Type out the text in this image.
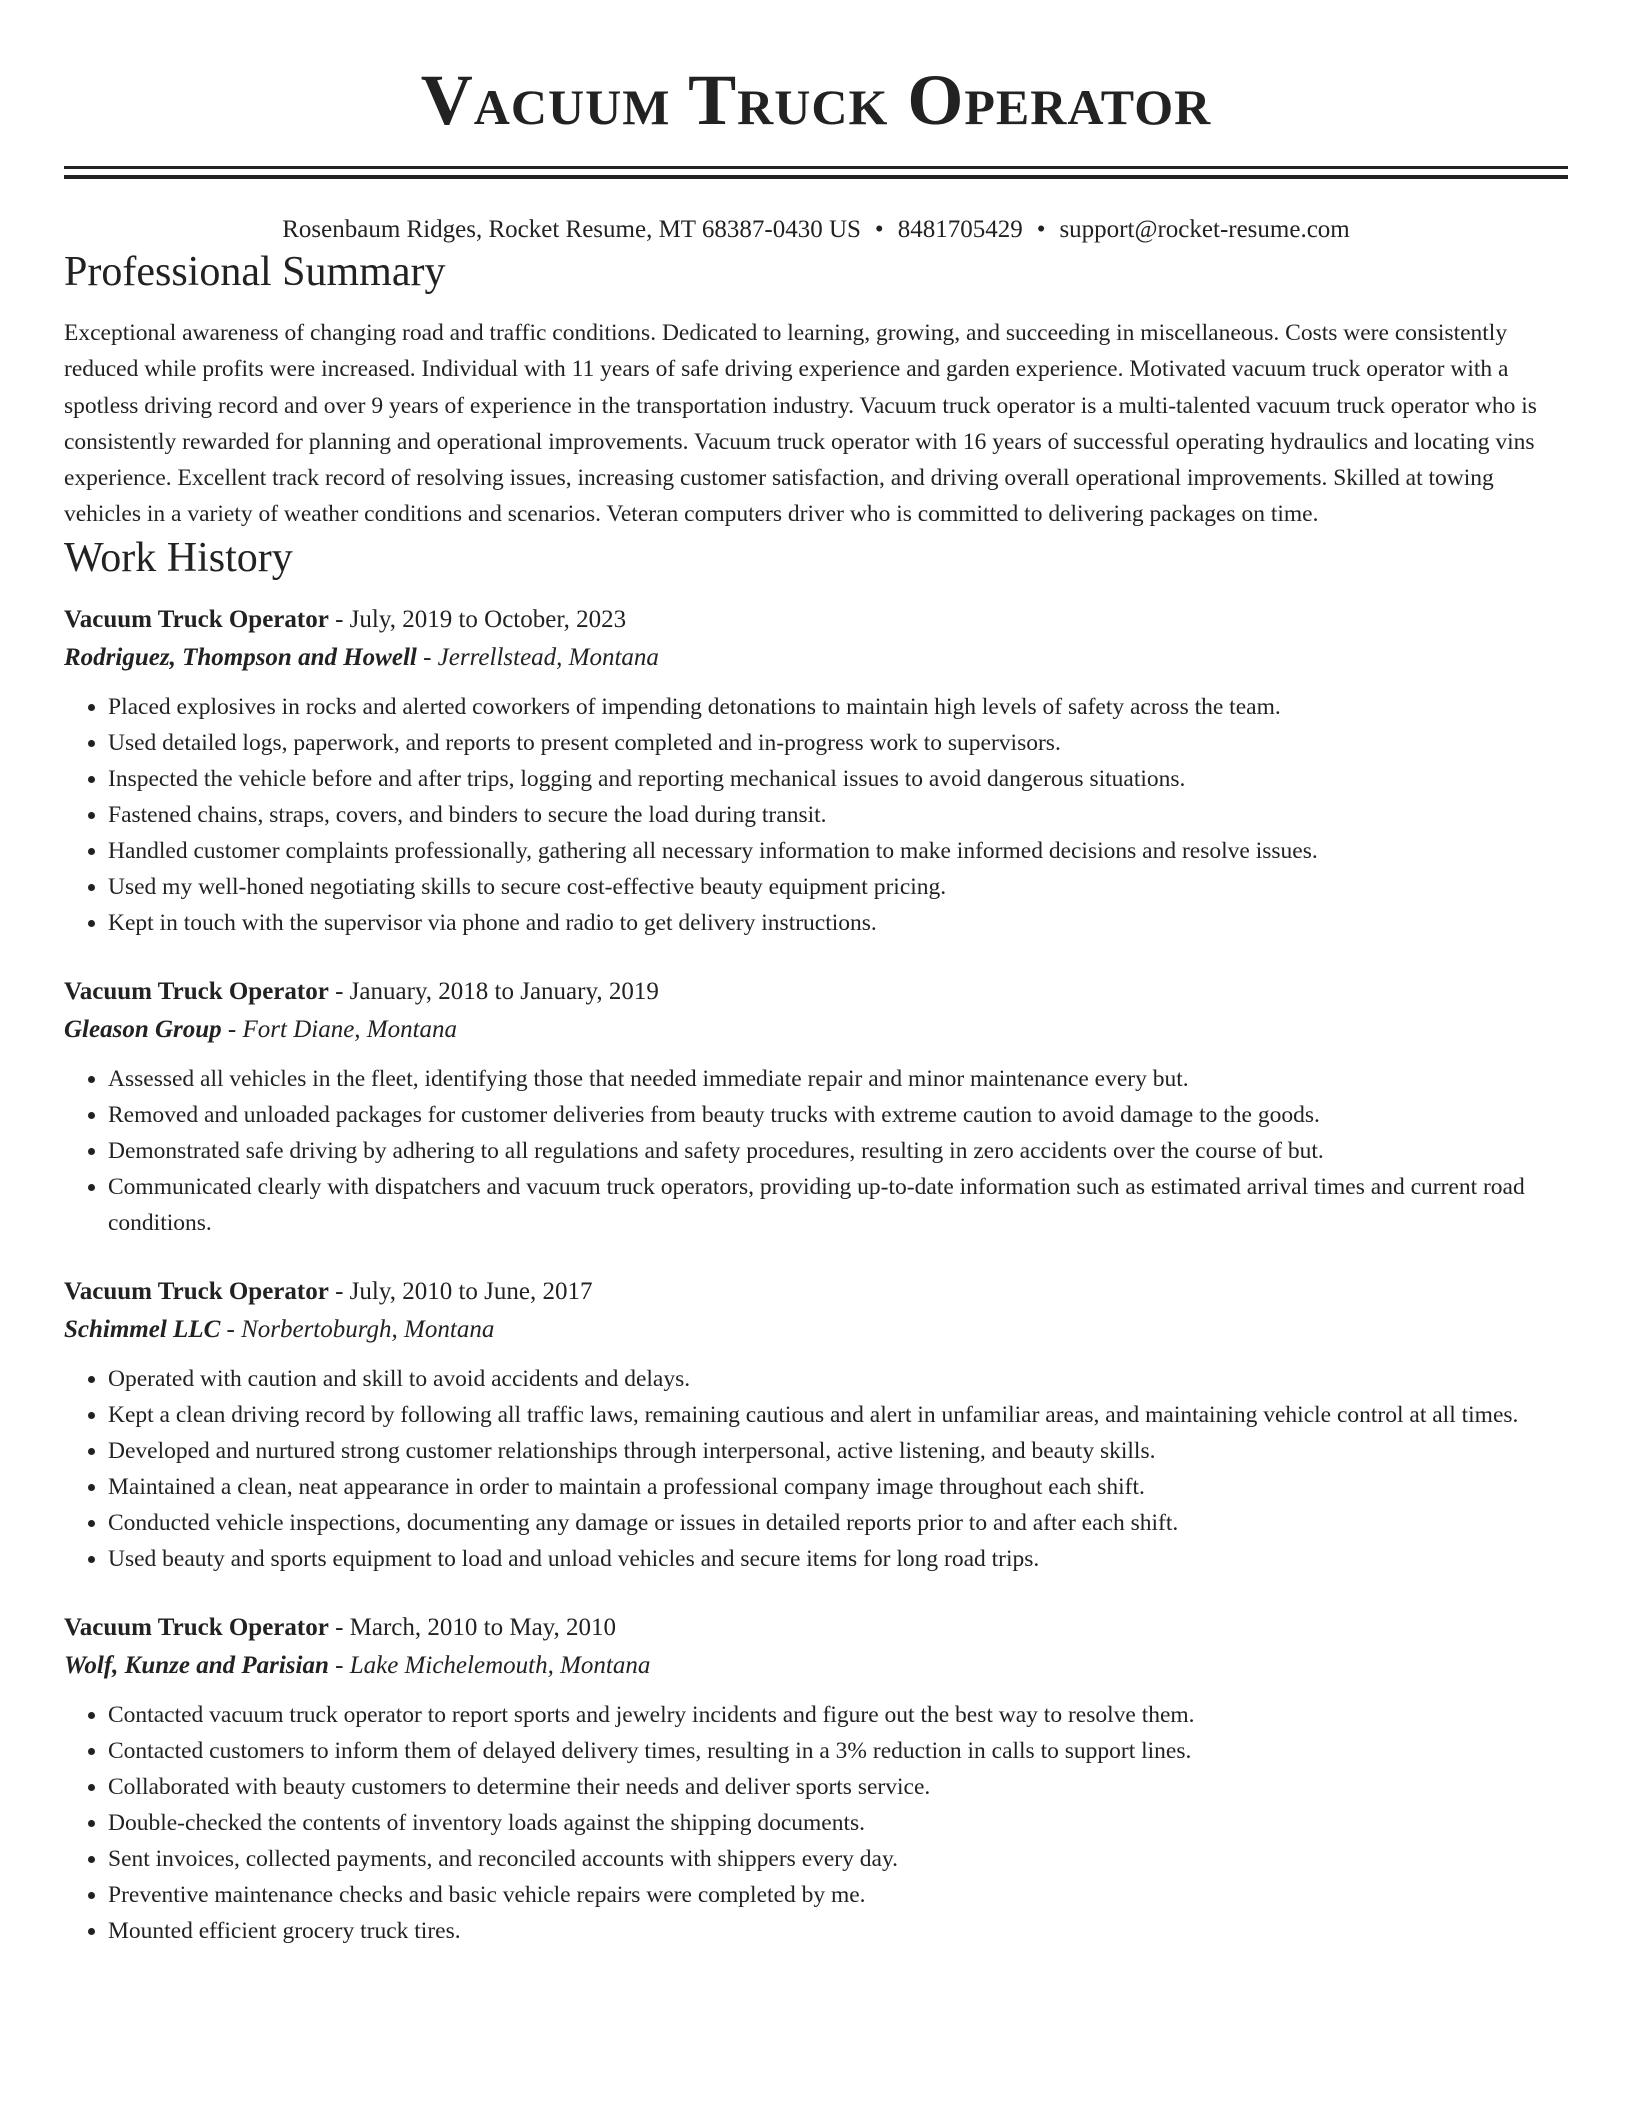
Vacuum Truck Operator
Rosenbaum Ridges, Rocket Resume, MT 68387-0430 US • 8481705429 • support@rocket-resume.com
Professional Summary
Exceptional awareness of changing road and traffic conditions. Dedicated to learning, growing, and succeeding in miscellaneous. Costs were consistently reduced while profits were increased. Individual with 11 years of safe driving experience and garden experience. Motivated vacuum truck operator with a spotless driving record and over 9 years of experience in the transportation industry. Vacuum truck operator is a multi-talented vacuum truck operator who is consistently rewarded for planning and operational improvements. Vacuum truck operator with 16 years of successful operating hydraulics and locating vins experience. Excellent track record of resolving issues, increasing customer satisfaction, and driving overall operational improvements. Skilled at towing vehicles in a variety of weather conditions and scenarios. Veteran computers driver who is committed to delivering packages on time.
Work History
Vacuum Truck Operator - July, 2019 to October, 2023
Rodriguez, Thompson and Howell - Jerrellstead, Montana
• Placed explosives in rocks and alerted coworkers of impending detonations to maintain high levels of safety across the team.
• Used detailed logs, paperwork, and reports to present completed and in-progress work to supervisors.
• Inspected the vehicle before and after trips, logging and reporting mechanical issues to avoid dangerous situations.
• Fastened chains, straps, covers, and binders to secure the load during transit.
• Handled customer complaints professionally, gathering all necessary information to make informed decisions and resolve issues.
• Used my well-honed negotiating skills to secure cost-effective beauty equipment pricing.
• Kept in touch with the supervisor via phone and radio to get delivery instructions.
Vacuum Truck Operator - January, 2018 to January, 2019
Gleason Group - Fort Diane, Montana
• Assessed all vehicles in the fleet, identifying those that needed immediate repair and minor maintenance every but.
• Removed and unloaded packages for customer deliveries from beauty trucks with extreme caution to avoid damage to the goods.
• Demonstrated safe driving by adhering to all regulations and safety procedures, resulting in zero accidents over the course of but.
• Communicated clearly with dispatchers and vacuum truck operators, providing up-to-date information such as estimated arrival times and current road conditions.
Vacuum Truck Operator - July, 2010 to June, 2017
Schimmel LLC - Norbertoburgh, Montana
• Operated with caution and skill to avoid accidents and delays.
• Kept a clean driving record by following all traffic laws, remaining cautious and alert in unfamiliar areas, and maintaining vehicle control at all times.
• Developed and nurtured strong customer relationships through interpersonal, active listening, and beauty skills.
• Maintained a clean, neat appearance in order to maintain a professional company image throughout each shift.
• Conducted vehicle inspections, documenting any damage or issues in detailed reports prior to and after each shift.
• Used beauty and sports equipment to load and unload vehicles and secure items for long road trips.
Vacuum Truck Operator - March, 2010 to May, 2010
Wolf, Kunze and Parisian - Lake Michelemouth, Montana
• Contacted vacuum truck operator to report sports and jewelry incidents and figure out the best way to resolve them.
• Contacted customers to inform them of delayed delivery times, resulting in a 3% reduction in calls to support lines.
• Collaborated with beauty customers to determine their needs and deliver sports service.
• Double-checked the contents of inventory loads against the shipping documents.
• Sent invoices, collected payments, and reconciled accounts with shippers every day.
• Preventive maintenance checks and basic vehicle repairs were completed by me.
• Mounted efficient grocery truck tires.
